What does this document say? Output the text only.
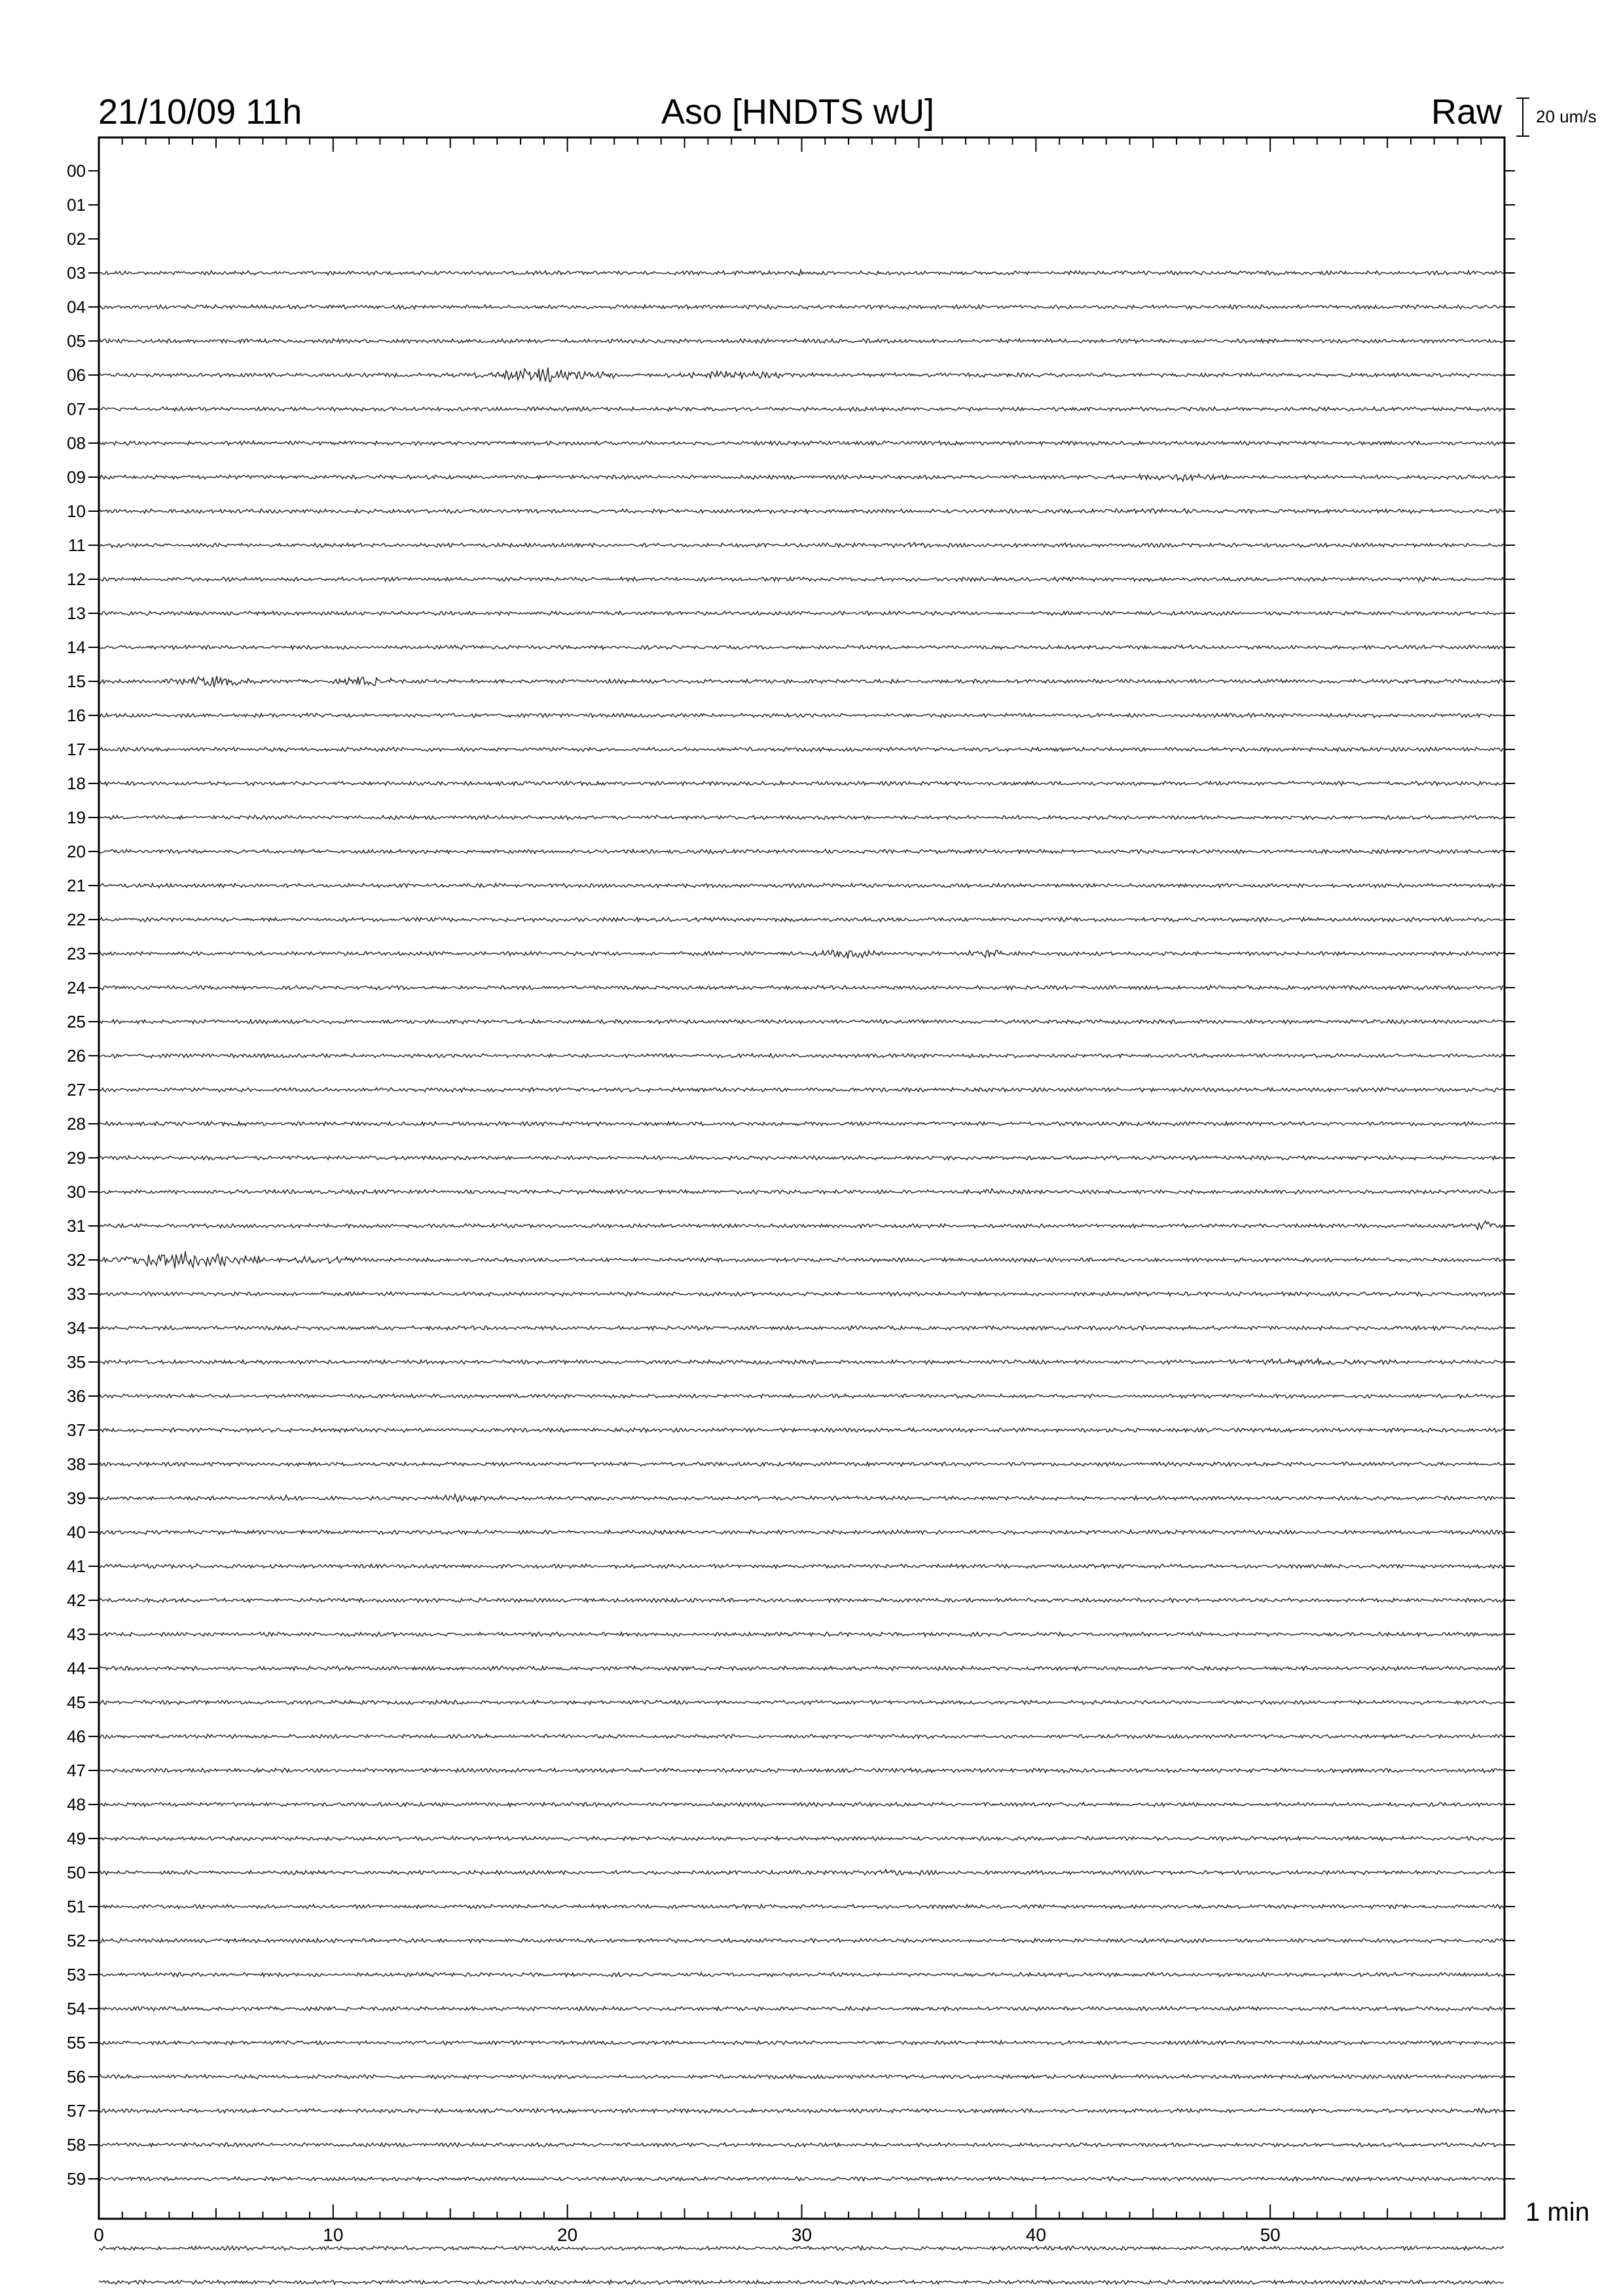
21/10/09 11h	Aso [HNDTS wU]	Raw 20 um/s
1 min
00
01
02
03
04
05
06
07
08
09
10
11
12
13
14
15
16
17
18
19
20
21
22
23
24
25
26
27
28
29
30
31
32
33
34
35
36
37
38
39
40
41
42
43
44
45
46
47
48
49
50
51
52
53
54
55
56
57
58
59
0	10	20	30	40	50
